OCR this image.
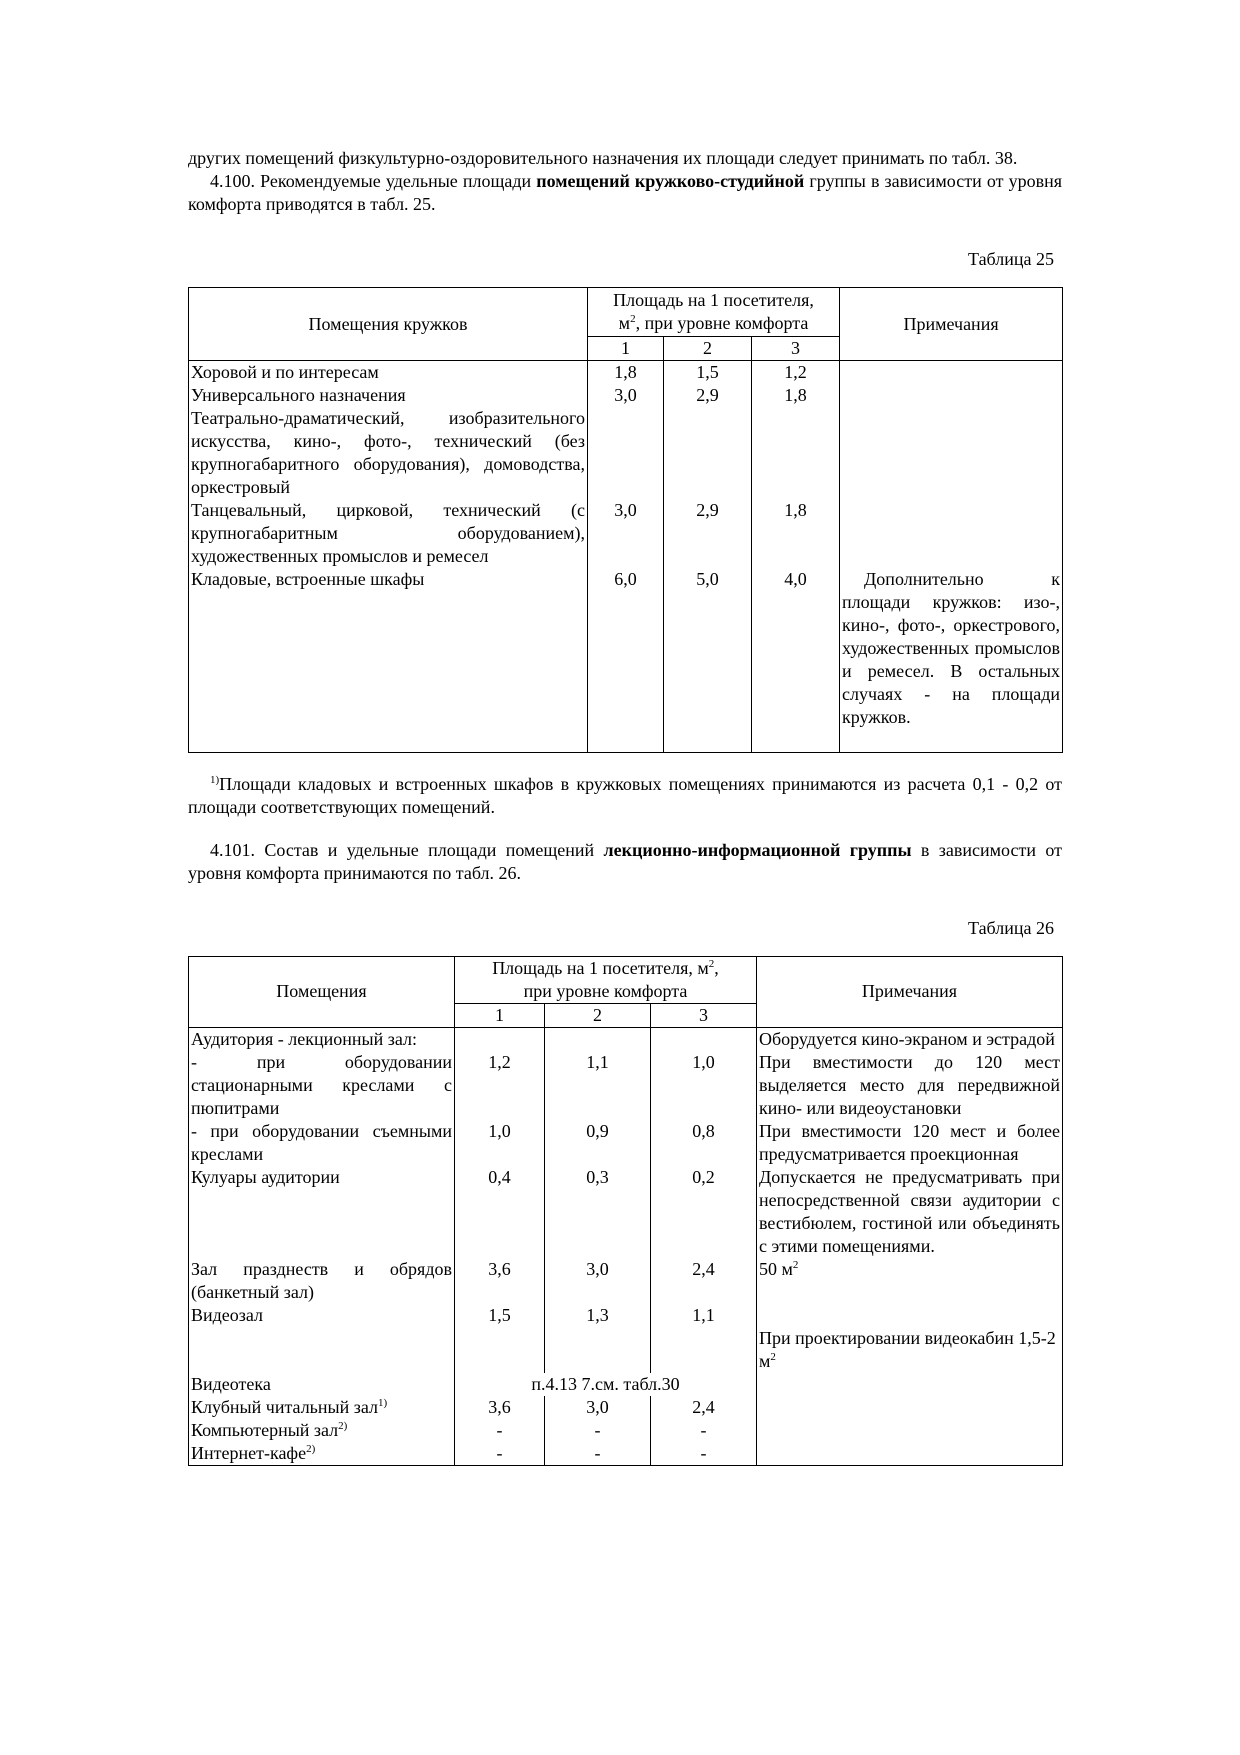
других помещений физкультурно-оздоровительного назначения их площади следует принимать по табл. 38.

4.100. Рекомендуемые удельные площади помещений кружково-студийной группы в зависимости от уровня комфорта приводятся в табл. 25.

Таблица 25

Помещения кружков	Площадь на 1 посетителя,
$м^2$, при уровне комфорта			Примечания
	1	2	3	
Хоровой и по интересам	1,8	1,5	1,2	
Универсального назначения	3,0	2,9	1,8	
Театрально-драматический, изобразительного искусства, кино-, фото-, технический (без крупногабаритного оборудования), домоводства, оркестровый				
Танцевальный, цирковой, технический (с крупногабаритным оборудованием), художественных промыслов и ремесел	3,0	2,9	1,8	
Кладовые, встроенные шкафы	6,0	5,0	4,0	Дополнительно к площади кружков: изо-, кино-, фото-, оркестрового, художественных промыслов и ремесел. В остальных случаях - на площади кружков.

$^{1)}$Площади кладовых и встроенных шкафов в кружковых помещениях принимаются из расчета 0,1 - 0,2 от площади соответствующих помещений.

4.101. Состав и удельные площади помещений лекционно-информационной группы в зависимости от уровня комфорта принимаются по табл. 26.

Таблица 26

Помещения	Площадь на 1 посетителя, $м^2$,
при уровне комфорта			Примечания
	1	2	3	
Аудитория - лекционный зал:				Оборудуется кино-экраном и эстрадой
- при оборудовании стационарными креслами с пюпитрами	1,2	1,1	1,0	При вместимости до 120 мест выделяется место для передвижной кино- или видеоустановки
- при оборудовании съемными креслами	1,0	0,9	0,8	При вместимости 120 мест и более предусматривается проекционная
Кулуары аудитории	0,4	0,3	0,2	Допускается не предусматривать при непосредственной связи аудитории с вестибюлем, гостиной или объединять с этими помещениями.
Зал празднеств и обрядов (банкетный зал)	3,6	3,0	2,4	50 $м^2$
Видеозал	1,5	1,3	1,1	При проектировании видеокабин 1,5-2 $м^2$
Видеотека	п.4.13 7.см. табл.30			
Клубный читальный зал$^{1)}$	3,6	3,0	2,4	
Компьютерный зал$^{2)}$	-	-	-	
Интернет-кафе$^{2)}$	-	-	-	
